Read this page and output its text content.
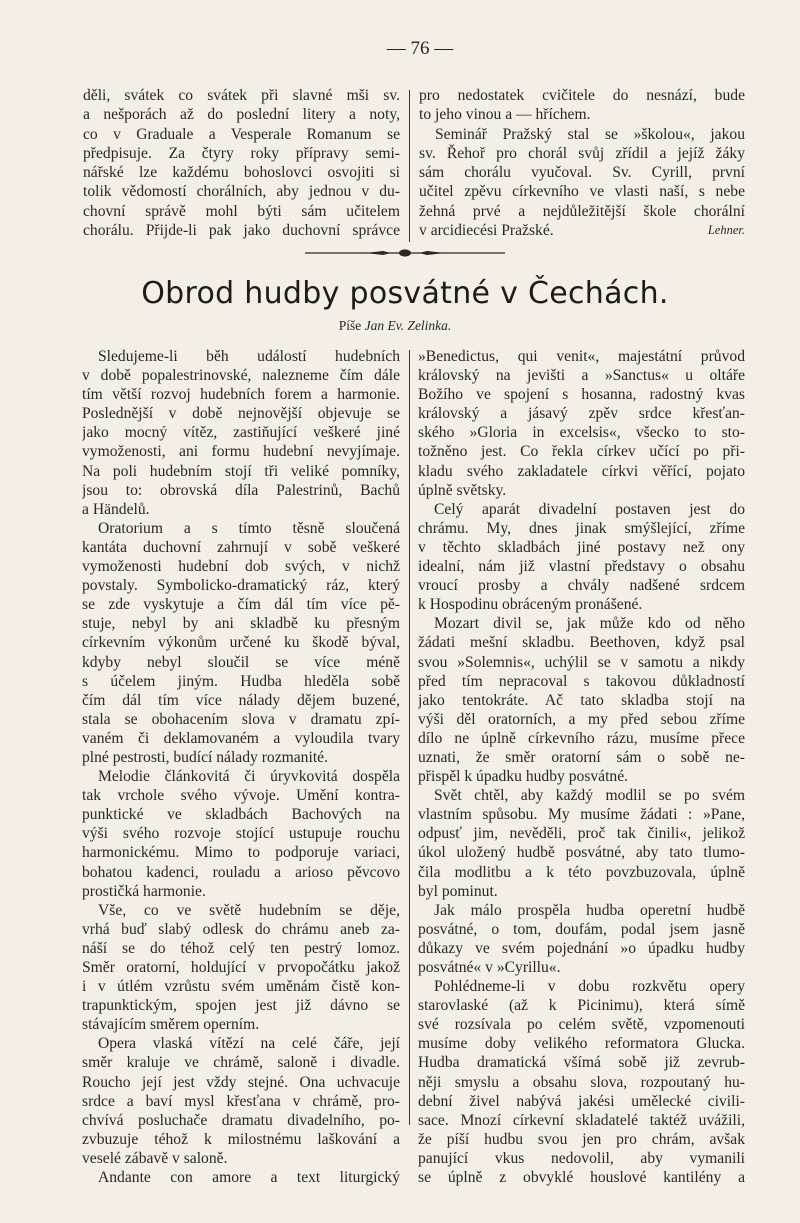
— 76 —
děli, svátek co svátek při slavné mši sv.
a nešporách až do poslední litery a noty,
co v Graduale a Vesperale Romanum se
předpisuje. Za čtyry roky přípravy semi-
nářské lze každému bohoslovci osvojiti si
tolik vědomostí chorálních, aby jednou v du-
chovní správě mohl býti sám učitelem
chorálu. Přijde-li pak jako duchovní správce
pro nedostatek cvičitele do nesnází, bude
to jeho vinou a — hříchem.
Seminář Pražský stal se »školou«, jakou
sv. Řehoř pro chorál svůj zřídil a jejíž žáky
sám chorálu vyučoval. Sv. Cyrill, první
učitel zpěvu církevního ve vlasti naší, s nebe
žehná prvé a nejdůležitější škole chorální
v arcidiecési Pražské.	Lehner.
Obrod hudby posvátné v Čechách.
Píše Jan Ev. Zelinka.
Sledujeme-li běh událostí hudebních
v době popalestrinovské, nalezneme čím dále
tím větší rozvoj hudebních forem a harmonie.
Poslednější v době nejnovější objevuje se
jako mocný vítěz, zastiňující veškeré jiné
vymoženosti, ani formu hudební nevyjímaje.
Na poli hudebním stojí tři veliké pomníky,
jsou to: obrovská díla Palestrinů, Bachů
a Händelů.
Oratorium a s tímto těsně sloučená
kantáta duchovní zahrnují v sobě veškeré
vymoženosti hudební dob svých, v nichž
povstaly. Symbolicko-dramatický ráz, který
se zde vyskytuje a čím dál tím více pě-
stuje, nebyl by ani skladbě ku přesným
církevním výkonům určené ku škodě býval,
kdyby nebyl sloučil se více méně
s účelem jiným. Hudba hleděla sobě
čím dál tím více nálady dějem buzené,
stala se obohacením slova v dramatu zpí-
vaném či deklamovaném a vyloudila tvary
plné pestrosti, budící nálady rozmanité.
Melodie článkovitá či úryvkovitá dospěla
tak vrchole svého vývoje. Umění kontra-
punktické ve skladbách Bachových na
výši svého rozvoje stojící ustupuje rouchu
harmonickému. Mimo to podporuje variaci,
bohatou kadenci, rouladu a arioso pěvcovo
prostičká harmonie.
Vše, co ve světě hudebním se děje,
vrhá buď slabý odlesk do chrámu aneb za-
náší se do téhož celý ten pestrý lomoz.
Směr oratorní, holdující v prvopočátku jakož
i v útlém vzrůstu svém uměnám čistě kon-
trapunktickým, spojen jest již dávno se
stávajícím směrem operním.
Opera vlaská vítězí na celé čáře, její
směr kraluje ve chrámě, saloně i divadle.
Roucho její jest vždy stejné. Ona uchvacuje
srdce a baví mysl křesťana v chrámě, pro-
chvívá posluchače dramatu divadelního, po-
zvbuzuje téhož k milostnému laškování a
veselé zábavě v saloně.
Andante con amore a text liturgický
»Benedictus, qui venit«, majestátní průvod
královský na jevišti a »Sanctus« u oltáře
Božího ve spojení s hosanna, radostný kvas
královský a jásavý zpěv srdce křesťan-
ského »Gloria in excelsis«, všecko to sto-
tožněno jest. Co řekla církev učící po při-
kladu svého zakladatele církvi věřící, pojato
úplně světsky.
Celý aparát divadelní postaven jest do
chrámu. My, dnes jinak smýšlející, zříme
v těchto skladbách jiné postavy než ony
idealní, nám již vlastní představy o obsahu
vroucí prosby a chvály nadšené srdcem
k Hospodinu obráceným pronášené.
Mozart divil se, jak může kdo od něho
žádati mešní skladbu. Beethoven, když psal
svou »Solemnis«, uchýlil se v samotu a nikdy
před tím nepracoval s takovou důkladností
jako tentokráte. Ač tato skladba stojí na
výši děl oratorních, a my před sebou zříme
dílo ne úplně církevního rázu, musíme přece
uznati, že směr oratorní sám o sobě ne-
přispěl k úpadku hudby posvátné.
Svět chtěl, aby každý modlil se po svém
vlastním spůsobu. My musíme žádati : »Pane,
odpusť jim, nevěděli, proč tak činili«, jelikož
úkol uložený hudbě posvátné, aby tato tlumo-
čila modlitbu a k této povzbuzovala, úplně
byl pominut.
Jak málo prospěla hudba operetní hudbě
posvátné, o tom, doufám, podal jsem jasně
důkazy ve svém pojednání »o úpadku hudby
posvátné« v »Cyrillu«.
Pohlédneme-li v dobu rozkvětu opery
starovlaské (až k Picinimu), která símě
své rozsívala po celém světě, vzpomenouti
musíme doby velikého reformatora Glucka.
Hudba dramatická všímá sobě již zevrub-
něji smyslu a obsahu slova, rozpoutaný hu-
dební živel nabývá jakési umělecké civili-
sace. Mnozí církevní skladatelé taktéž uvážili,
že píší hudbu svou jen pro chrám, avšak
panující vkus nedovolil, aby vymanili
se úplně z obvyklé houslové kantilény a
